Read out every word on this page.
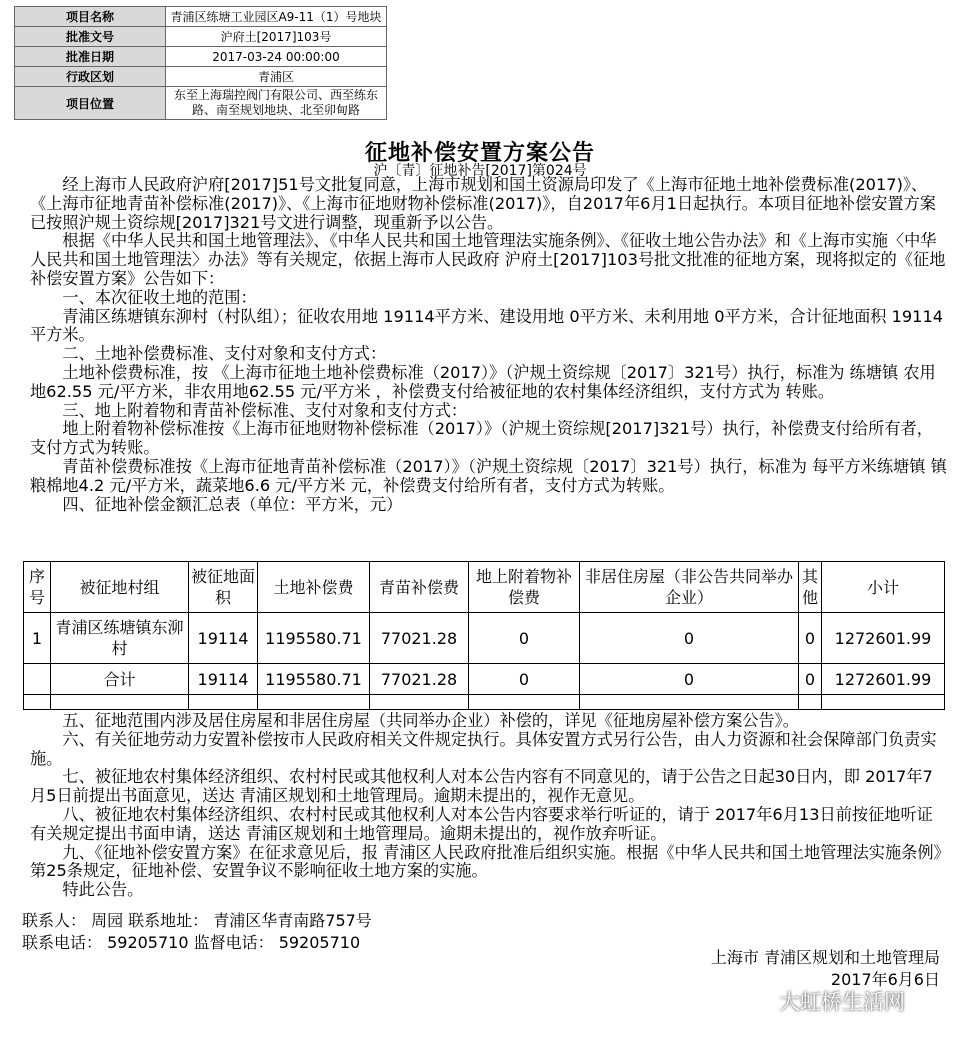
项目名称	青浦区练塘工业园区A9-11（1）号地块
批准文号	沪府土[2017]103号
批准日期	2017-03-24 00:00:00
行政区划	青浦区
项目位置	东至上海瑞控阀门有限公司、西至练东路、南至规划地块、北至卯甸路
征地补偿安置方案公告
沪〔青〕征地补告[2017]第024号

经上海市人民政府沪府[2017]51号文批复同意，上海市规划和国土资源局印发了《上海市征地土地补偿费标准(2017)》、《上海市征地青苗补偿标准(2017)》、《上海市征地财物补偿标准(2017)》，自2017年6月1日起执行。本项目征地补偿安置方案已按照沪规土资综规[2017]321号文进行调整，现重新予以公告。

根据《中华人民共和国土地管理法》、《中华人民共和国土地管理法实施条例》、《征收土地公告办法》和《上海市实施〈中华人民共和国土地管理法〉办法》等有关规定，依据上海市人民政府 沪府土[2017]103号批文批准的征地方案，现将拟定的《征地补偿安置方案》公告如下：

一、本次征收土地的范围：

青浦区练塘镇东泖村（村队组）；征收农用地 19114平方米、建设用地 0平方米、未利用地 0平方米，合计征地面积 19114平方米。

二、土地补偿费标准、支付对象和支付方式：

土地补偿费标准，按 《上海市征地土地补偿费标准（2017）》（沪规土资综规〔2017〕321号）执行，标准为 练塘镇 农用地62.55 元/平方米，非农用地62.55 元/平方米 ，补偿费支付给被征地的农村集体经济组织，支付方式为 转账。

三、地上附着物和青苗补偿标准、支付对象和支付方式：

地上附着物补偿标准按《上海市征地财物补偿标准（2017）》（沪规土资综规[2017]321号）执行，补偿费支付给所有者，支付方式为转账。

青苗补偿费标准按《上海市征地青苗补偿标准（2017）》（沪规土资综规〔2017〕321号）执行，标准为 每平方米练塘镇 镇粮棉地4.2 元/平方米，蔬菜地6.6 元/平方米 元，补偿费支付给所有者，支付方式为转账。

四、征地补偿金额汇总表（单位：平方米，元）

序号	被征地村组	被征地面积	土地补偿费	青苗补偿费	地上附着物补偿费	非居住房屋（非公告共同举办企业）	其他	小计
1	青浦区练塘镇东泖村	19114	1195580.71	77021.28	0	0	0	1272601.99
	合计	19114	1195580.71	77021.28	0	0	0	1272601.99

五、征地范围内涉及居住房屋和非居住房屋（共同举办企业）补偿的，详见《征地房屋补偿方案公告》。

六、有关征地劳动力安置补偿按市人民政府相关文件规定执行。具体安置方式另行公告，由人力资源和社会保障部门负责实施。

七、被征地农村集体经济组织、农村村民或其他权利人对本公告内容有不同意见的，请于公告之日起30日内，即 2017年7月5日前提出书面意见，送达 青浦区规划和土地管理局。逾期未提出的，视作无意见。

八、被征地农村集体经济组织、农村村民或其他权利人对本公告内容要求举行听证的，请于 2017年6月13日前按征地听证有关规定提出书面申请，送达 青浦区规划和土地管理局。逾期未提出的，视作放弃听证。

九、《征地补偿安置方案》在征求意见后，报 青浦区人民政府批准后组织实施。根据《中华人民共和国土地管理法实施条例》第25条规定，征地补偿、安置争议不影响征收土地方案的实施。

特此公告。

联系人： 周园 联系地址： 青浦区华青南路757号
联系电话： 59205710 监督电话： 59205710
上海市 青浦区规划和土地管理局
2017年6月6日
大虹桥生活网
